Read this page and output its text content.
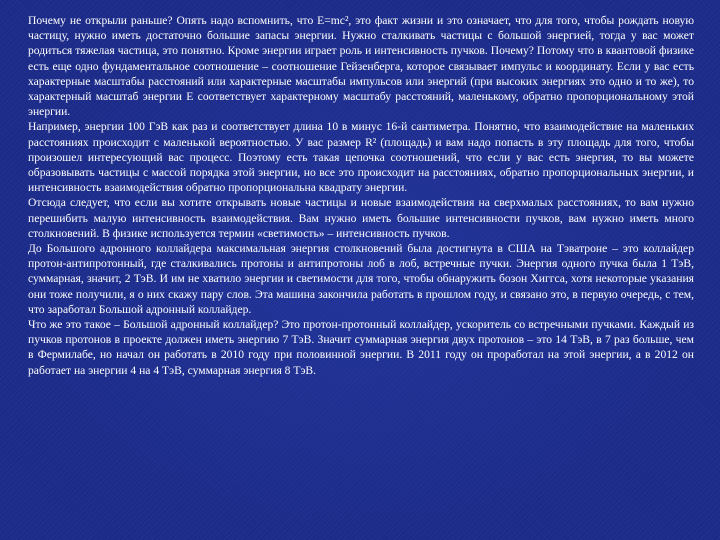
Почему не открыли раньше? Опять надо вспомнить, что E=mc², это факт жизни и это означает, что для того, чтобы рождать новую частицу, нужно иметь достаточно большие запасы энергии. Нужно сталкивать частицы с большой энергией, тогда у вас может родиться тяжелая частица, это понятно. Кроме энергии играет роль и интенсивность пучков. Почему? Потому что в квантовой физике есть еще одно фундаментальное соотношение – соотношение Гейзенберга, которое связывает импульс и координату. Если у вас есть характерные масштабы расстояний или характерные масштабы импульсов или энергий (при высоких энергиях это одно и то же), то характерный масштаб энергии E соответствует характерному масштабу расстояний, маленькому, обратно пропорциональному этой энергии.

Например, энергии 100 ГэВ как раз и соответствует длина 10 в минус 16-й сантиметра. Понятно, что взаимодействие на маленьких расстояниях происходит с маленькой вероятностью. У вас размер R² (площадь) и вам надо попасть в эту площадь для того, чтобы произошел интересующий вас процесс. Поэтому есть такая цепочка соотношений, что если у вас есть энергия, то вы можете образовывать частицы с массой порядка этой энергии, но все это происходит на расстояниях, обратно пропорциональных энергии, и интенсивность взаимодействия обратно пропорциональна квадрату энергии.

Отсюда следует, что если вы хотите открывать новые частицы и новые взаимодействия на сверхмалых расстояниях, то вам нужно перешибить малую интенсивность взаимодействия. Вам нужно иметь большие интенсивности пучков, вам нужно иметь много столкновений. В физике используется термин «светимость» – интенсивность пучков.

До Большого адронного коллайдера максимальная энергия столкновений была достигнута в США на Тэватроне – это коллайдер протон-антипротонный, где сталкивались протоны и антипротоны лоб в лоб, встречные пучки. Энергия одного пучка была 1 ТэВ, суммарная, значит, 2 ТэВ. И им не хватило энергии и светимости для того, чтобы обнаружить бозон Хиггса, хотя некоторые указания они тоже получили, я о них скажу пару слов. Эта машина закончила работать в прошлом году, и связано это, в первую очередь, с тем, что заработал Большой адронный коллайдер.

Что же это такое – Большой адронный коллайдер? Это протон-протонный коллайдер, ускоритель со встречными пучками. Каждый из пучков протонов в проекте должен иметь энергию 7 ТэВ. Значит суммарная энергия двух протонов – это 14 ТэВ, в 7 раз больше, чем в Фермилабе, но начал он работать в 2010 году при половинной энергии. В 2011 году он проработал на этой энергии, а в 2012 он работает на энергии 4 на 4 ТэВ, суммарная энергия 8 ТэВ.
